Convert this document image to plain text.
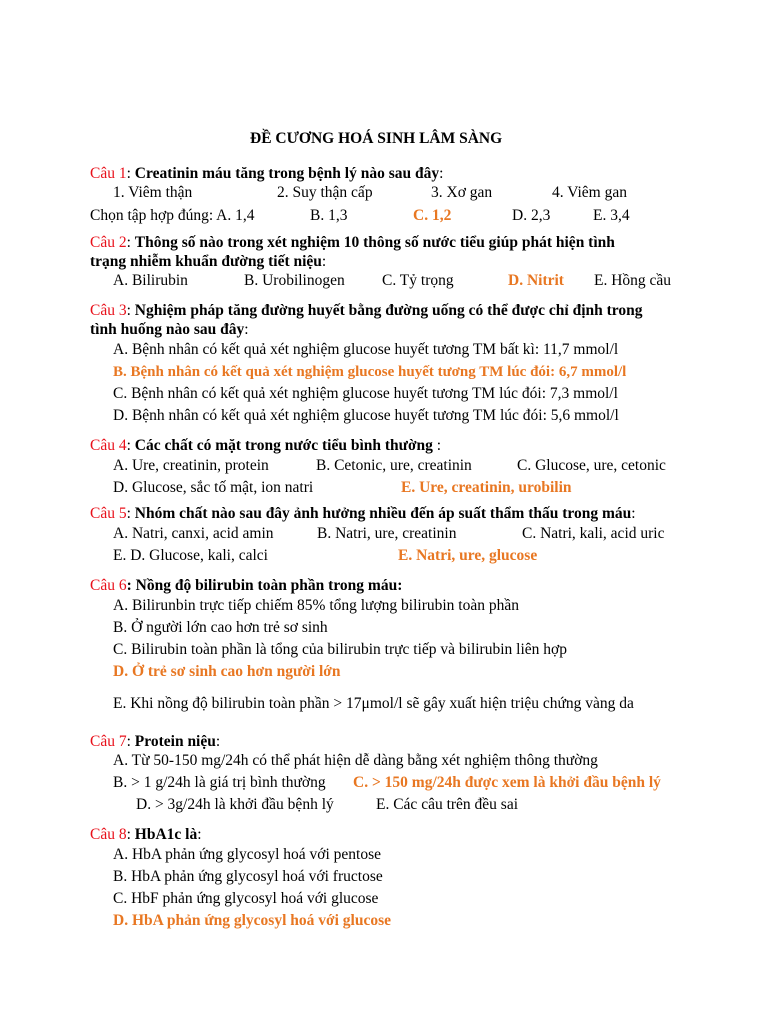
ĐỀ CƯƠNG HOÁ SINH LÂM SÀNG
Câu 1: Creatinin máu tăng trong bệnh lý nào sau đây:
1. Viêm thận	2. Suy thận cấp	3. Xơ gan	4. Viêm gan
Chọn tập hợp đúng: A. 1,4	B. 1,3	C. 1,2	D. 2,3	E. 3,4
Câu 2: Thông số nào trong xét nghiệm 10 thông số nước tiểu giúp phát hiện tình
trạng nhiễm khuẩn đường tiết niệu:
A. Bilirubin	B. Urobilinogen C. Tỷ trọng	D. Nitrit E. Hồng cầu
Câu 3: Nghiệm pháp tăng đường huyết bằng đường uống có thể được chỉ định trong
tình huống nào sau đây:
A. Bệnh nhân có kết quả xét nghiệm glucose huyết tương TM bất kì: 11,7 mmol/l
B. Bệnh nhân có kết quả xét nghiệm glucose huyết tương TM lúc đói: 6,7 mmol/l
C. Bệnh nhân có kết quả xét nghiệm glucose huyết tương TM lúc đói: 7,3 mmol/l
D. Bệnh nhân có kết quả xét nghiệm glucose huyết tương TM lúc đói: 5,6 mmol/l
Câu 4: Các chất có mặt trong nước tiểu bình thường :
A. Ure, creatinin, protein	B. Cetonic, ure, creatinin	C. Glucose, ure, cetonic
D. Glucose, sắc tố mật, ion natri	E. Ure, creatinin, urobilin
Câu 5: Nhóm chất nào sau đây ảnh hưởng nhiều đến áp suất thẩm thấu trong máu:
A. Natri, canxi, acid amin	B. Natri, ure, creatinin	C. Natri, kali, acid uric
E. D. Glucose, kali, calci	E. Natri, ure, glucose
Câu 6: Nồng độ bilirubin toàn phần trong máu:
A. Bilirunbin trực tiếp chiếm 85% tổng lượng bilirubin toàn phần
B. Ở người lớn cao hơn trẻ sơ sinh
C. Bilirubin toàn phần là tổng của bilirubin trực tiếp và bilirubin liên hợp
D. Ở trẻ sơ sinh cao hơn người lớn
E. Khi nồng độ bilirubin toàn phần > 17μmol/l sẽ gây xuất hiện triệu chứng vàng da
Câu 7: Protein niệu:
A. Từ 50-150 mg/24h có thể phát hiện dễ dàng bằng xét nghiệm thông thường
B. > 1 g/24h là giá trị bình thường C. > 150 mg/24h được xem là khởi đầu bệnh lý
D. > 3g/24h là khởi đầu bệnh lý	E. Các câu trên đều sai
Câu 8: HbA1c là:
A. HbA phản ứng glycosyl hoá với pentose
B. HbA phản ứng glycosyl hoá với fructose
C. HbF phản ứng glycosyl hoá với glucose
D. HbA phản ứng glycosyl hoá với glucose
